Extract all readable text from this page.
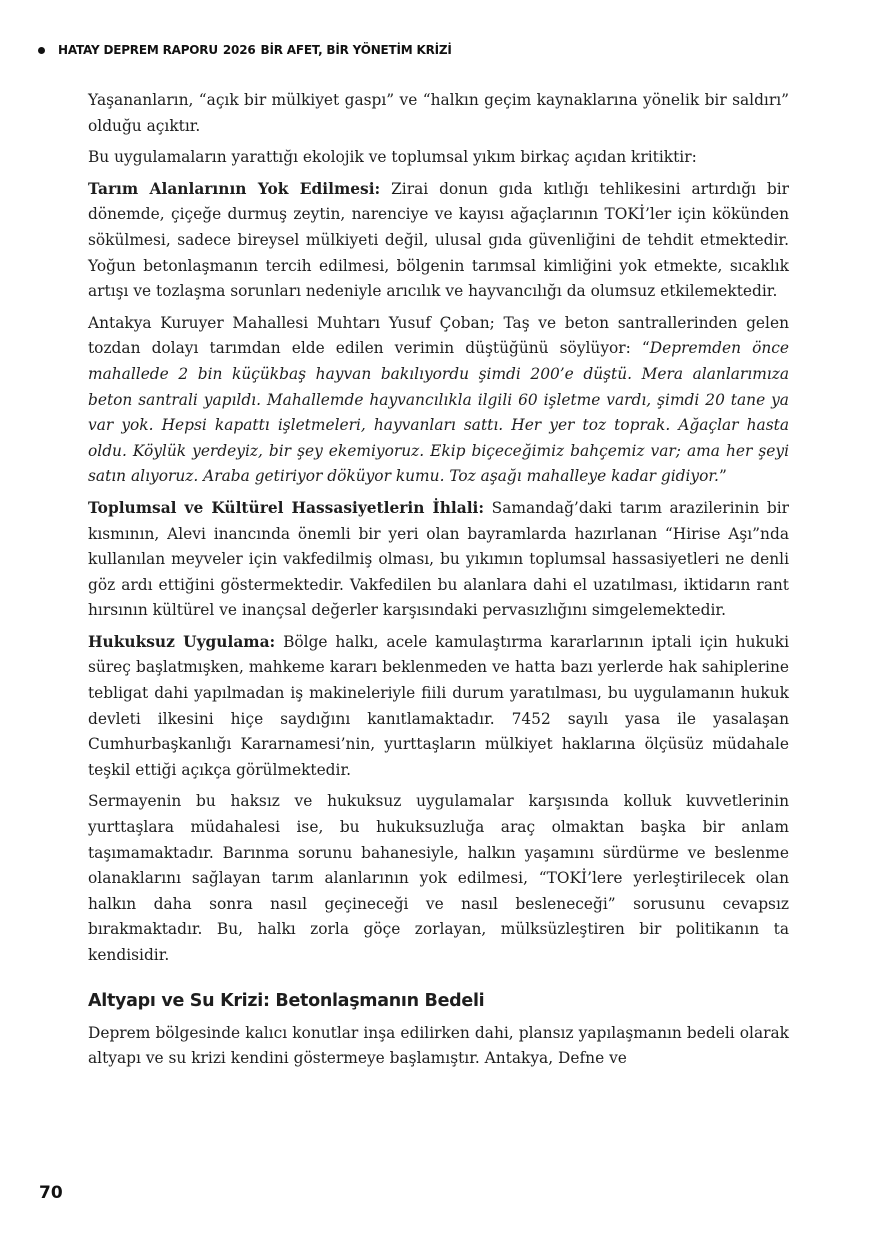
HATAY DEPREM RAPORU 2026 BİR AFET, BİR YÖNETİM KRİZİ

Yaşananların, “açık bir mülkiyet gaspı” ve “halkın geçim kaynaklarına yönelik bir saldırı” olduğu açıktır.

Bu uygulamaların yarattığı ekolojik ve toplumsal yıkım birkaç açıdan kritiktir:

Tarım Alanlarının Yok Edilmesi: Zirai donun gıda kıtlığı tehlikesini artırdığı bir dönemde, çiçeğe durmuş zeytin, narenciye ve kayısı ağaçlarının TOKİ’ler için kökünden sökülmesi, sadece bireysel mülkiyeti değil, ulusal gıda güvenliğini de tehdit etmektedir. Yoğun betonlaşmanın tercih edilmesi, bölgenin tarımsal kimliğini yok etmekte, sıcaklık artışı ve tozlaşma sorunları nedeniyle arıcılık ve hayvancılığı da olumsuz etkilemektedir.

Antakya Kuruyer Mahallesi Muhtarı Yusuf Çoban; Taş ve beton santrallerinden gelen tozdan dolayı tarımdan elde edilen verimin düştüğünü söylüyor: “Depremden önce mahallede 2 bin küçükbaş hayvan bakılıyordu şimdi 200’e düştü. Mera alanlarımıza beton santrali yapıldı. Mahallemde hayvancılıkla ilgili 60 işletme vardı, şimdi 20 tane ya var yok. Hepsi kapattı işletmeleri, hayvanları sattı. Her yer toz toprak. Ağaçlar hasta oldu. Köylük yerdeyiz, bir şey ekemiyoruz. Ekip biçeceğimiz bahçemiz var; ama her şeyi satın alıyoruz. Araba getiriyor döküyor kumu. Toz aşağı mahalleye kadar gidiyor.”

Toplumsal ve Kültürel Hassasiyetlerin İhlali: Samandağ’daki tarım arazilerinin bir kısmının, Alevi inancında önemli bir yeri olan bayramlarda hazırlanan “Hirise Aşı”nda kullanılan meyveler için vakfedilmiş olması, bu yıkımın toplumsal hassasiyetleri ne denli göz ardı ettiğini göstermektedir. Vakfedilen bu alanlara dahi el uzatılması, iktidarın rant hırsının kültürel ve inançsal değerler karşısındaki pervasızlığını simgelemektedir.

Hukuksuz Uygulama: Bölge halkı, acele kamulaştırma kararlarının iptali için hukuki süreç başlatmışken, mahkeme kararı beklenmeden ve hatta bazı yerlerde hak sahiplerine tebligat dahi yapılmadan iş makineleriyle fiili durum yaratılması, bu uygulamanın hukuk devleti ilkesini hiçe saydığını kanıtlamaktadır. 7452 sayılı yasa ile yasalaşan Cumhurbaşkanlığı Kararnamesi’nin, yurttaşların mülkiyet haklarına ölçüsüz müdahale teşkil ettiği açıkça görülmektedir.

Sermayenin bu haksız ve hukuksuz uygulamalar karşısında kolluk kuvvetlerinin yurttaşlara müdahalesi ise, bu hukuksuzluğa araç olmaktan başka bir anlam taşımamaktadır. Barınma sorunu bahanesiyle, halkın yaşamını sürdürme ve beslenme olanaklarını sağlayan tarım alanlarının yok edilmesi, “TOKİ’lere yerleştirilecek olan halkın daha sonra nasıl geçineceği ve nasıl besleneceği” sorusunu cevapsız bırakmaktadır. Bu, halkı zorla göçe zorlayan, mülksüzleştiren bir politikanın ta kendisidir.

Altyapı ve Su Krizi: Betonlaşmanın Bedeli

Deprem bölgesinde kalıcı konutlar inşa edilirken dahi, plansız yapılaşmanın bedeli olarak altyapı ve su krizi kendini göstermeye başlamıştır. Antakya, Defne ve

70
